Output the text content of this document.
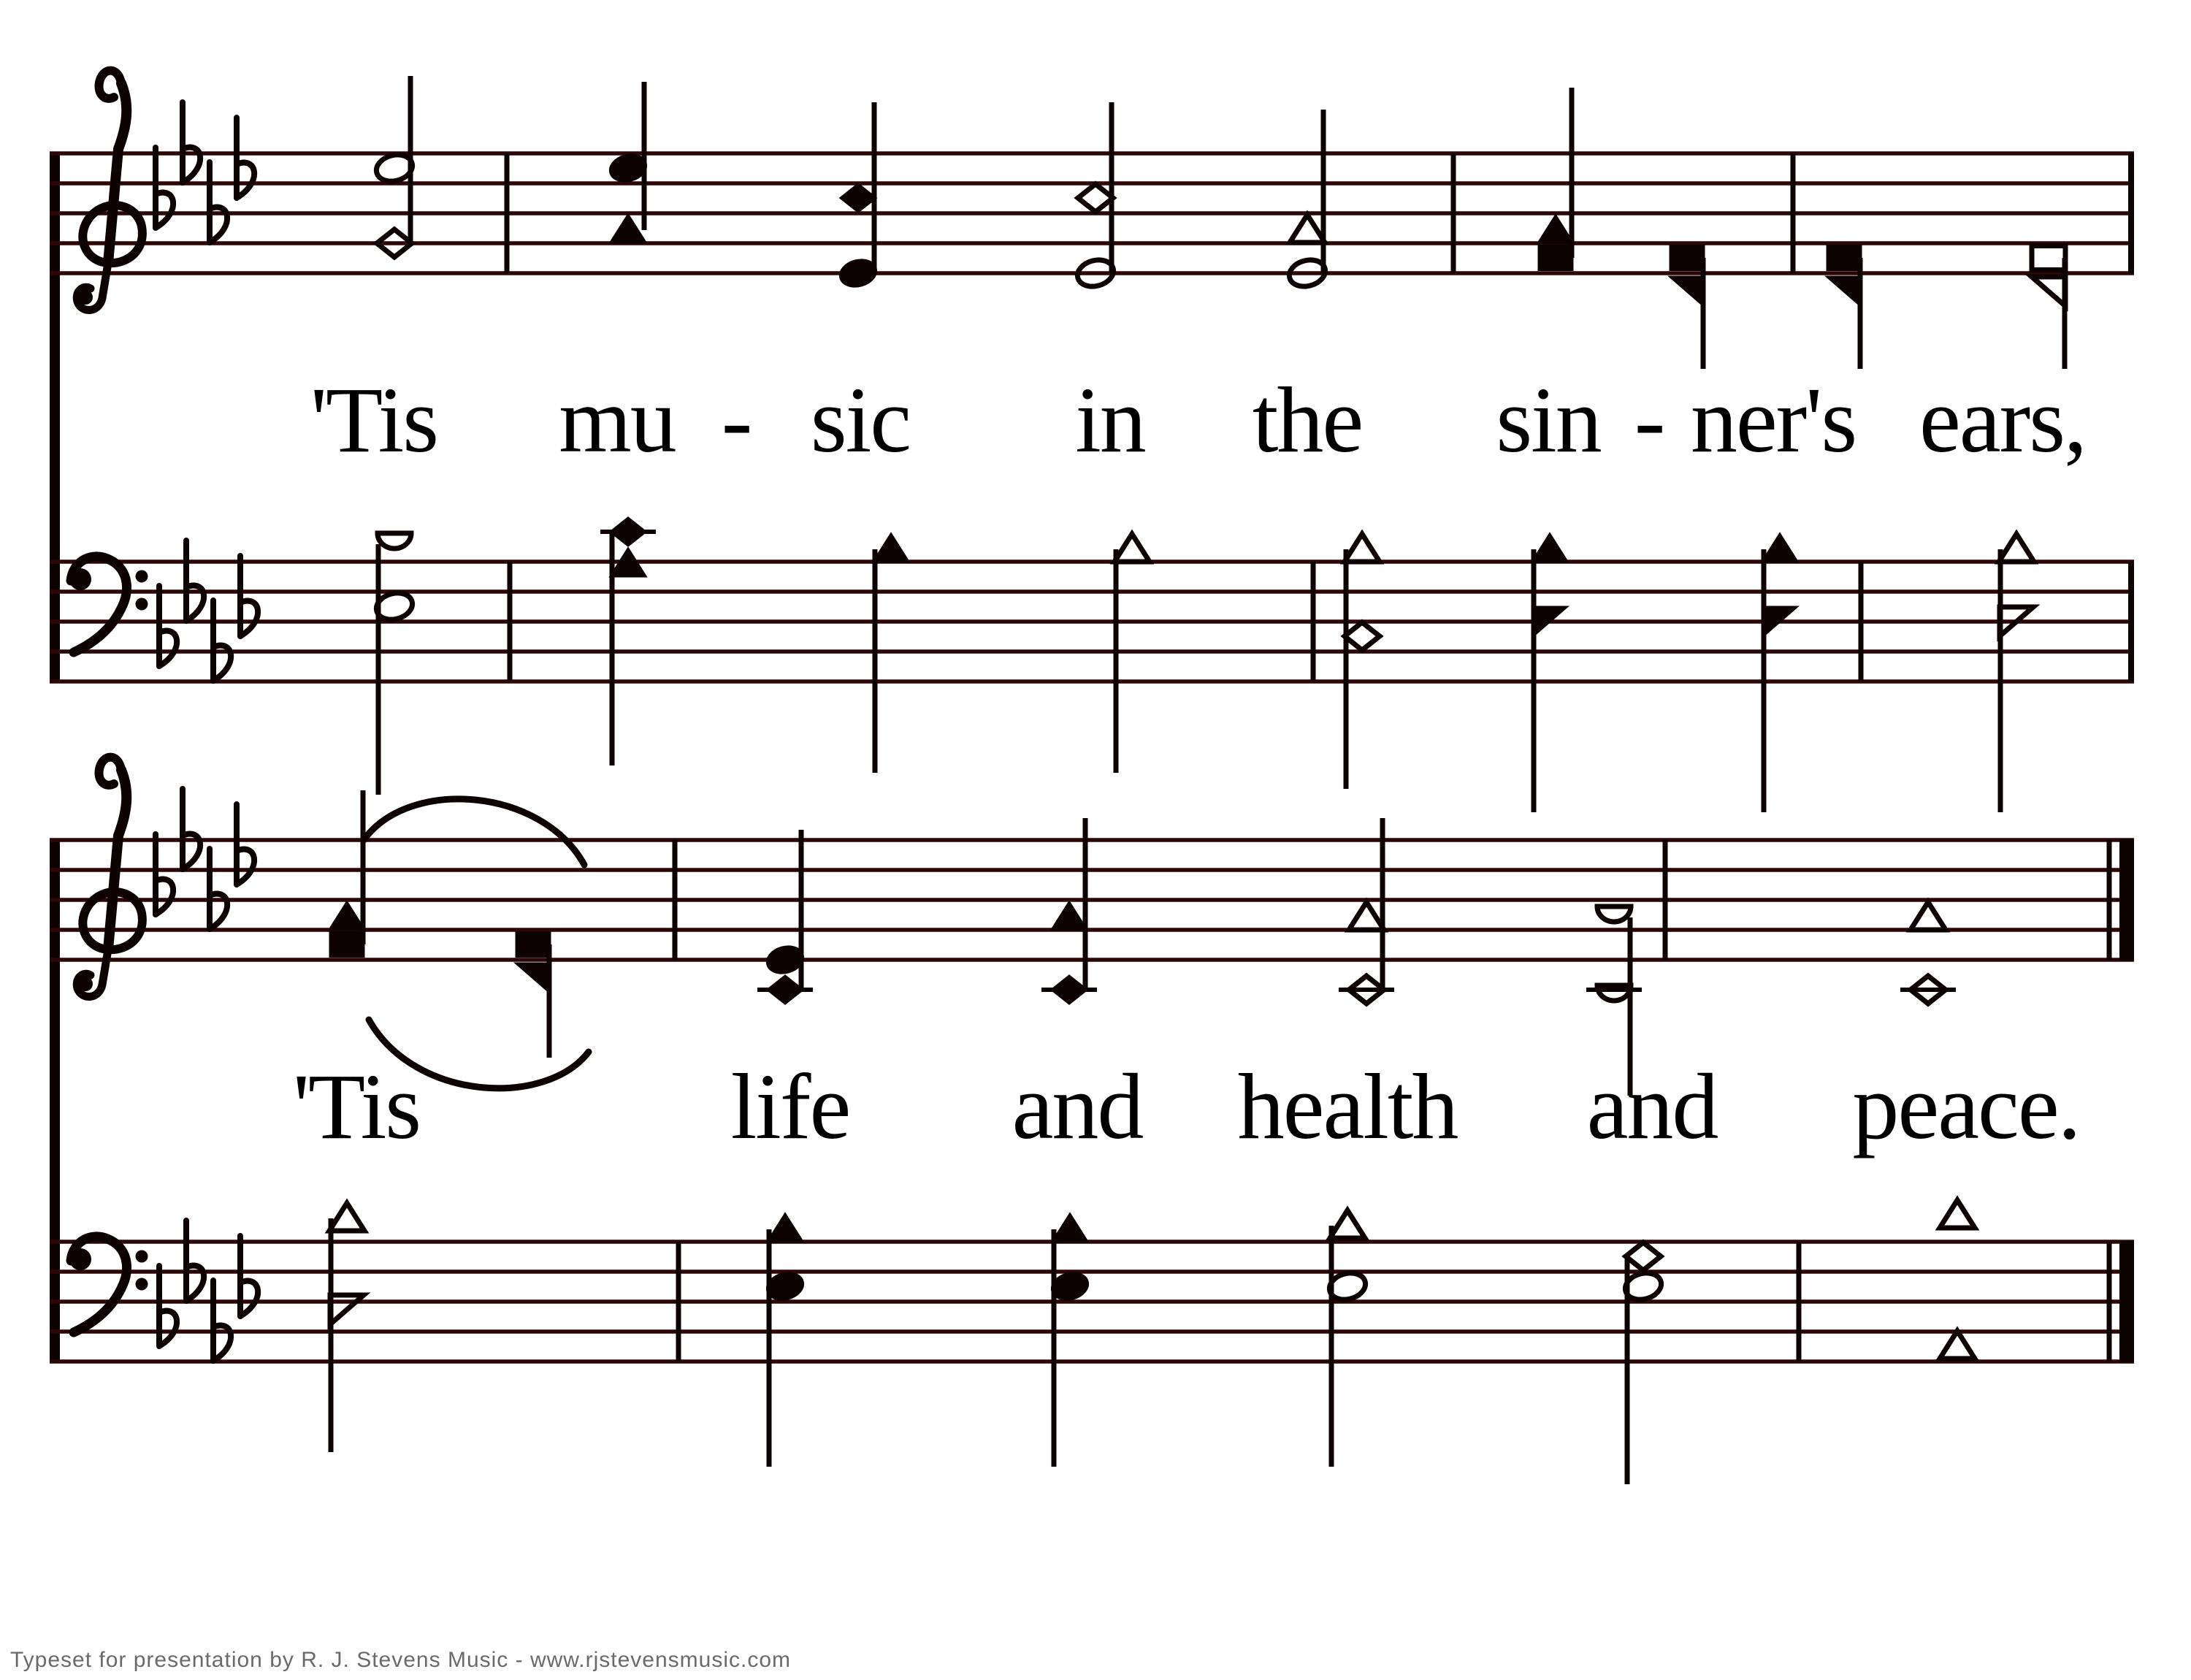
'Tis mu - sic in the sin - ner's ears,
'Tis	life and health and peace.
Typeset for presentation by R. J. Stevens Music - www.rjstevensmusic.com
